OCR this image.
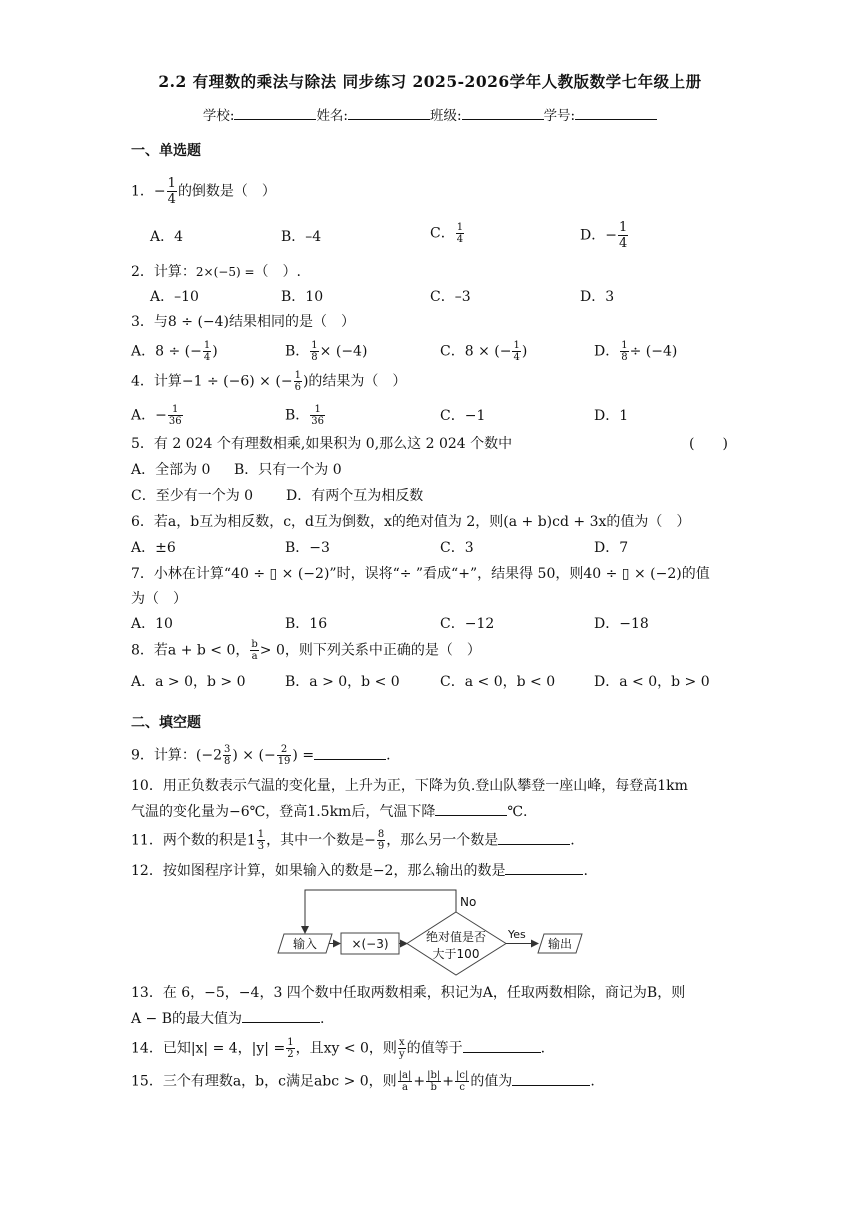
2.2 有理数的乘法与除法 同步练习 2025-2026学年人教版数学七年级上册
学校:	姓名:	班级:	学号:
一、单选题
1．− $\frac{1}{4}$ 的倒数是（　）
A．4	B．–4	C． $\frac{1}{4}$	D．− $\frac{1}{4}$
2．计算：2×(−5) =（　）.
A．–10	B．10	C．–3	D．3
3．与8 ÷ (−4)结果相同的是（　）
A．8 ÷ (− $\frac{1}{4}$ )	B． $\frac{1}{8} \times (-4)$	C．8 × (− $\frac{1}{4}$ )	D． $\frac{1}{8} \div (-4)$
4．计算−1 ÷ (−6) × (− $\frac{1}{6}$ )的结果为（　）
A．− $\frac{1}{36}$	B． $\frac{1}{36}$	C．−1	D．1
5．有 2 024 个有理数相乘,如果积为 0,那么这 2 024 个数中	(　　)
A．全部为 0 B．只有一个为 0
C．至少有一个为 0 D．有两个互为相反数
6．若a，b互为相反数，c，d互为倒数，x的绝对值为 2，则(a + b)cd + 3x的值为（　）
A．±6	B．−3	C．3	D．7
7．小林在计算“40 ÷ ▯ × (−2)”时，误将“÷ ”看成“+”，结果得 50，则40 ÷ ▯ × (−2)的值
为（　）
A．10	B．16	C．−12	D．−18
8．若a + b < 0， $\frac{b}{a} > 0$，则下列关系中正确的是（　）
A．a > 0，b > 0	B．a > 0，b < 0	C．a < 0，b < 0	D．a < 0，b > 0
二、填空题
9．计算：($-2 \frac{3}{8}$ ) × (− $\frac{2}{19}$ ) =	.
10．用正负数表示气温的变化量，上升为正，下降为负.登山队攀登一座山峰，每登高1km
气温的变化量为−6℃，登高1.5km后，气温下降	℃.
11．两个数的积是$1 \frac{1}{3}$ ，其中一个数是− $\frac{8}{9}$ ，那么另一个数是	.
12．按如图程序计算，如果输入的数是−2，那么输出的数是	.
输入	×(−3)	绝对值是否
大于100
No
Yes
输出
13．在 6，−5，−4，3 四个数中任取两数相乘，积记为A，任取两数相除，商记为B，则
A − B的最大值为	.
14．已知|x| = 4，$|y| = \frac{1}{2}$ ，且xy < 0，则 $\frac{x}{y}$ 的值等于	.
15．三个有理数a，b，c满足abc > 0，则 $\frac{|a|}{a} + \frac{|b|}{b} + \frac{|c|}{c}$ 的值为	.
